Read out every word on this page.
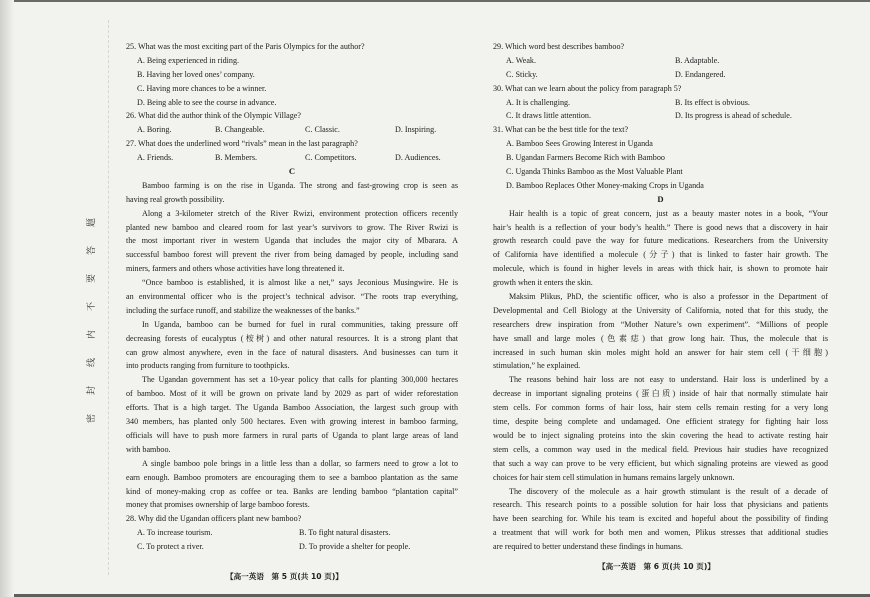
密封线内不要答题
25. What was the most exciting part of the Paris Olympics for the author?
A. Being experienced in riding.
B. Having her loved ones’ company.
C. Having more chances to be a winner.
D. Being able to see the course in advance.
26. What did the author think of the Olympic Village?
A. Boring.	B. Changeable.	C. Classic.	D. Inspiring.
27. What does the underlined word “rivals” mean in the last paragraph?
A. Friends.	B. Members.	C. Competitors.	D. Audiences.
C
Bamboo farming is on the rise in Uganda. The strong and fast-growing crop is seen as
having real growth possibility.
Along a 3-kilometer stretch of the River Rwizi, environment protection officers recently
planted new bamboo and cleared room for last year’s survivors to grow. The River Rwizi is
the most important river in western Uganda that includes the major city of Mbarara. A
successful bamboo forest will prevent the river from being damaged by people, including sand
miners, farmers and others whose activities have long threatened it.
“Once bamboo is established, it is almost like a net,” says Jeconious Musingwire. He is
an environmental officer who is the project’s technical advisor. “The roots trap everything,
including the surface runoff, and stabilize the weaknesses of the banks.”
In Uganda, bamboo can be burned for fuel in rural communities, taking pressure off
decreasing forests of eucalyptus (桉树) and other natural resources. It is a strong plant that
can grow almost anywhere, even in the face of natural disasters. And businesses can turn it
into products ranging from furniture to toothpicks.
The Ugandan government has set a 10-year policy that calls for planting 300,000 hectares
of bamboo. Most of it will be grown on private land by 2029 as part of wider reforestation
efforts. That is a high target. The Uganda Bamboo Association, the largest such group with
340 members, has planted only 500 hectares. Even with growing interest in bamboo farming,
officials will have to push more farmers in rural parts of Uganda to plant large areas of land
with bamboo.
A single bamboo pole brings in a little less than a dollar, so farmers need to grow a lot to
earn enough. Bamboo promoters are encouraging them to see a bamboo plantation as the same
kind of money-making crop as coffee or tea. Banks are lending bamboo “plantation capital”
money that promises ownership of large bamboo forests.
28. Why did the Ugandan officers plant new bamboo?
A. To increase tourism.	B. To fight natural disasters.
C. To protect a river.	D. To provide a shelter for people.
29. Which word best describes bamboo?
A. Weak.	B. Adaptable.
C. Sticky.	D. Endangered.
30. What can we learn about the policy from paragraph 5?
A. It is challenging.	B. Its effect is obvious.
C. It draws little attention.	D. Its progress is ahead of schedule.
31. What can be the best title for the text?
A. Bamboo Sees Growing Interest in Uganda
B. Ugandan Farmers Become Rich with Bamboo
C. Uganda Thinks Bamboo as the Most Valuable Plant
D. Bamboo Replaces Other Money-making Crops in Uganda
D
Hair health is a topic of great concern, just as a beauty master notes in a book, “Your
hair’s health is a reflection of your body’s health.” There is good news that a discovery in hair
growth research could pave the way for future medications. Researchers from the University
of California have identified a molecule (分子) that is linked to faster hair growth. The
molecule, which is found in higher levels in areas with thick hair, is shown to promote hair
growth when it enters the skin.
Maksim Plikus, PhD, the scientific officer, who is also a professor in the Department of
Developmental and Cell Biology at the University of California, noted that for this study, the
researchers drew inspiration from “Mother Nature’s own experiment”. “Millions of people
have small and large moles (色素痣) that grow long hair. Thus, the molecule that is
increased in such human skin moles might hold an answer for hair stem cell (干细胞)
stimulation,” he explained.
The reasons behind hair loss are not easy to understand. Hair loss is underlined by a
decrease in important signaling proteins (蛋白质) inside of hair that normally stimulate hair
stem cells. For common forms of hair loss, hair stem cells remain resting for a very long
time, despite being complete and undamaged. One efficient strategy for fighting hair loss
would be to inject signaling proteins into the skin covering the head to activate resting hair
stem cells, a common way used in the medical field. Previous hair studies have recognized
that such a way can prove to be very efficient, but which signaling proteins are viewed as good
choices for hair stem cell stimulation in humans remains largely unknown.
The discovery of the molecule as a hair growth stimulant is the result of a decade of
research. This research points to a possible solution for hair loss that physicians and patients
have been searching for. While his team is excited and hopeful about the possibility of finding
a treatment that will work for both men and women, Plikus stresses that additional studies
are required to better understand these findings in humans.
【高一英语　第 5 页(共 10 页)】
【高一英语　第 6 页(共 10 页)】
